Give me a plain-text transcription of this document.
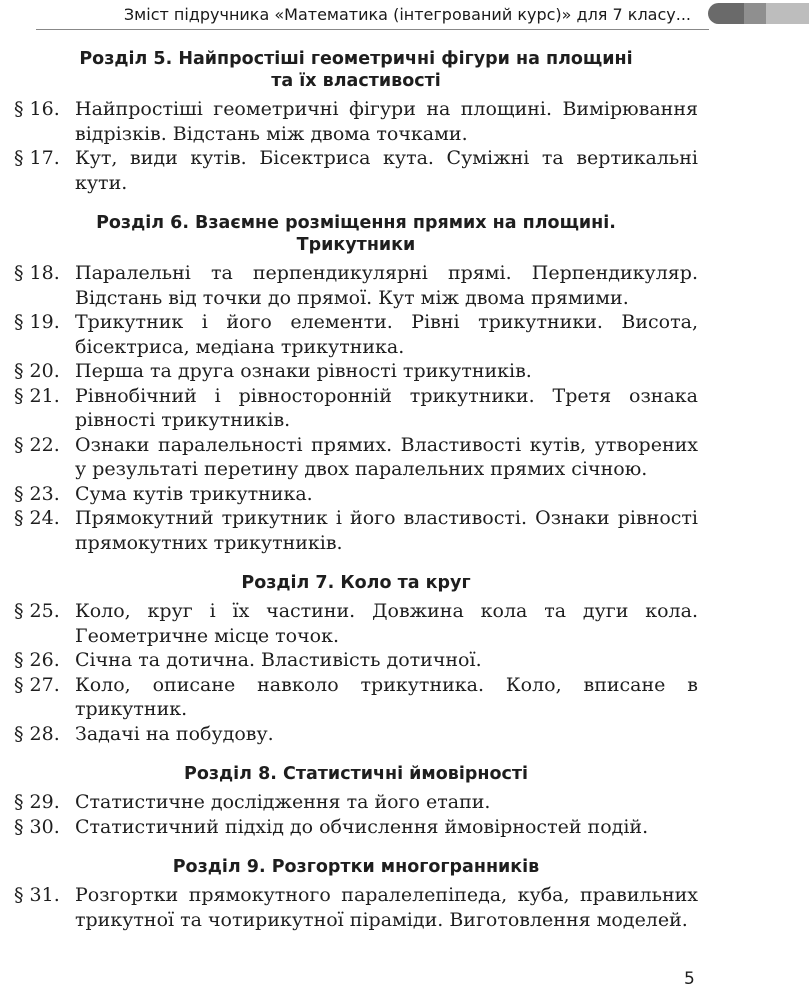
Зміст підручника «Математика (інтегрований курс)» для 7 класу...
Розділ 5. Найпростіші геометричні фігури на площині
та їх властивості
§ 16. Найпростіші геометричні фігури на площині. Вимірювання відрізків. Відстань між двома точками.
§ 17. Кут, види кутів. Бісектриса кута. Суміжні та вертикальні кути.
Розділ 6. Взаємне розміщення прямих на площині.
Трикутники
§ 18. Паралельні та перпендикулярні прямі. Перпендикуляр. Відстань від точки до прямої. Кут між двома прямими.
§ 19. Трикутник і його елементи. Рівні трикутники. Висота, бісектриса, медіана трикутника.
§ 20. Перша та друга ознаки рівності трикутників.
§ 21. Рівнобічний і рівносторонній трикутники. Третя ознака рівності трикутників.
§ 22. Ознаки паралельності прямих. Властивості кутів, утворених у результаті перетину двох паралельних прямих січною.
§ 23. Сума кутів трикутника.
§ 24. Прямокутний трикутник і його властивості. Ознаки рівності прямокутних трикутників.
Розділ 7. Коло та круг
§ 25. Коло, круг і їх частини. Довжина кола та дуги кола. Геометричне місце точок.
§ 26. Січна та дотична. Властивість дотичної.
§ 27. Коло, описане навколо трикутника. Коло, вписане в трикутник.
§ 28. Задачі на побудову.
Розділ 8. Статистичні ймовірності
§ 29. Статистичне дослідження та його етапи.
§ 30. Статистичний підхід до обчислення ймовірностей подій.
Розділ 9. Розгортки многогранників
§ 31. Розгортки прямокутного паралелепіпеда, куба, правильних трикутної та чотирикутної піраміди. Виготовлення моделей.
5
